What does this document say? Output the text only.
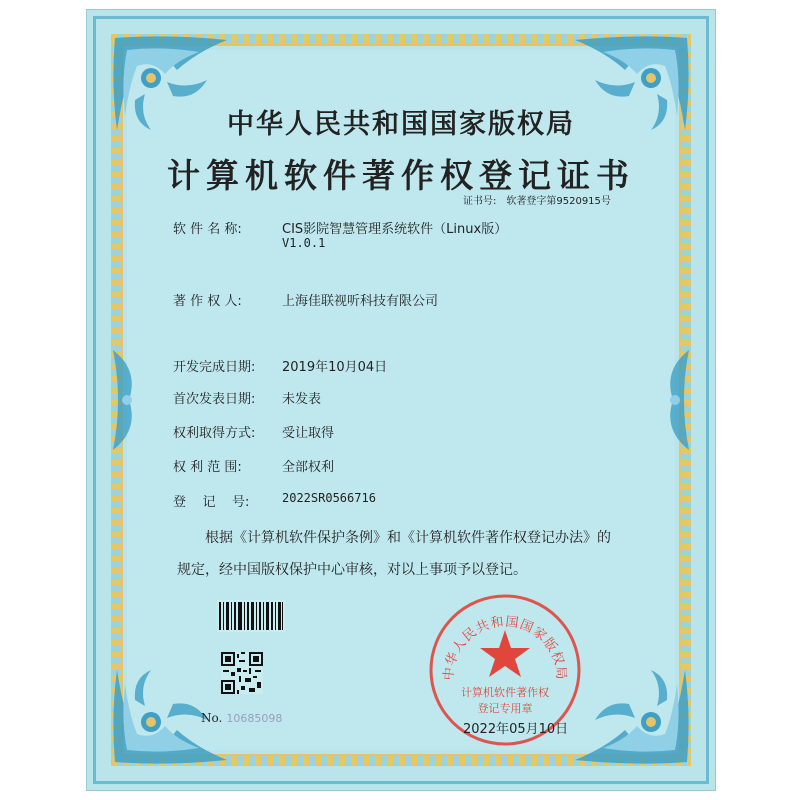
中华人民共和国国家版权局
计算机软件著作权登记证书
证书号: 软著登字第9520915号
软 件 名 称:	CIS影院智慧管理系统软件（Linux版）
V1.0.1
著 作 权 人:	上海佳联视听科技有限公司
开发完成日期:	2019年10月04日
首次发表日期:	未发表
权利取得方式:	受让取得
权 利 范 围:	全部权利
登    记    号:	2022SR0566716
根据《计算机软件保护条例》和《计算机软件著作权登记办法》的
规定，经中国版权保护中心审核，对以上事项予以登记。
No. 10685098
中华人民共和国国家版权局
计算机软件著作权
登记专用章
2022年05月10日
